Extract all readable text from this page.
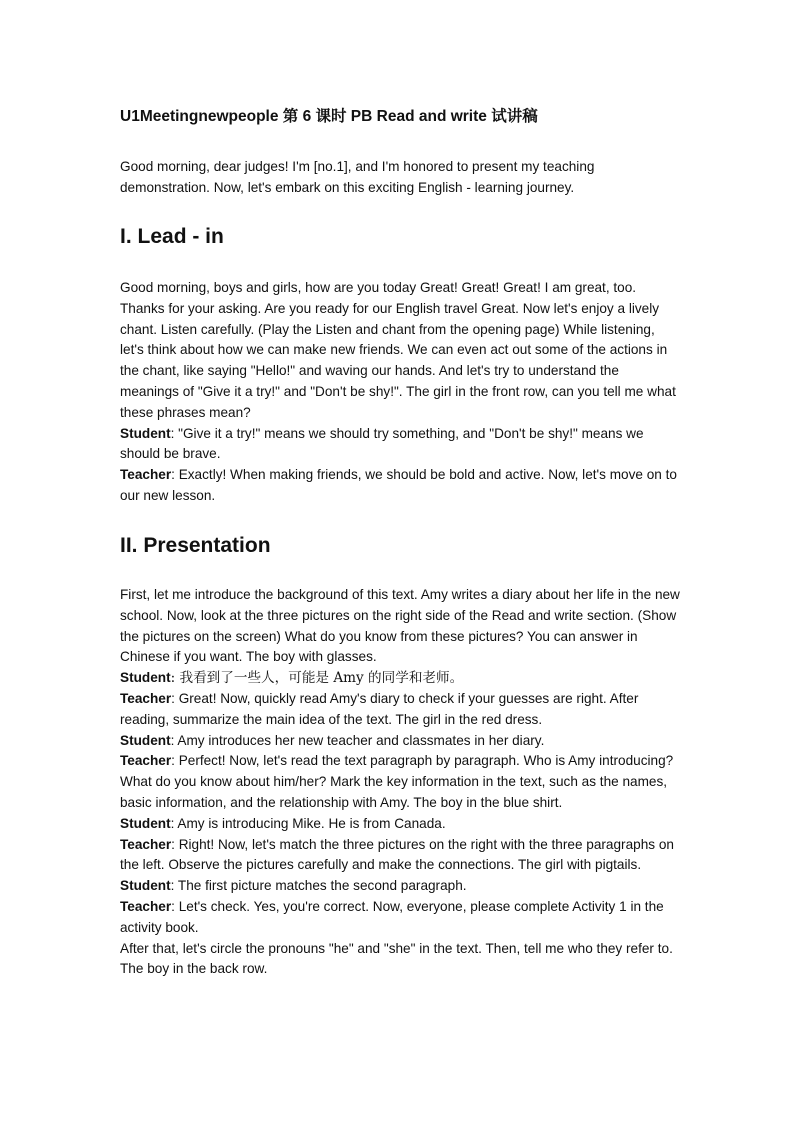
U1Meetingnewpeople 第 6 课时 PB Read and write 试讲稿

Good morning, dear judges! I'm [no.1], and I'm honored to present my teaching demonstration. Now, let's embark on this exciting English - learning journey.

I. Lead - in

Good morning, boys and girls, how are you today Great! Great! Great! I am great, too. Thanks for your asking. Are you ready for our English travel Great. Now let's enjoy a lively chant. Listen carefully. (Play the Listen and chant from the opening page) While listening, let's think about how we can make new friends. We can even act out some of the actions in the chant, like saying "Hello!" and waving our hands. And let's try to understand the meanings of "Give it a try!" and "Don't be shy!". The girl in the front row, can you tell me what these phrases mean?

Student: "Give it a try!" means we should try something, and "Don't be shy!" means we should be brave.

Teacher: Exactly! When making friends, we should be bold and active. Now, let's move on to our new lesson.

II. Presentation

First, let me introduce the background of this text. Amy writes a diary about her life in the new school. Now, look at the three pictures on the right side of the Read and write section. (Show the pictures on the screen) What do you know from these pictures? You can answer in Chinese if you want. The boy with glasses.

Student: 我看到了一些人，可能是 Amy 的同学和老师。

Teacher: Great! Now, quickly read Amy's diary to check if your guesses are right. After reading, summarize the main idea of the text. The girl in the red dress.

Student: Amy introduces her new teacher and classmates in her diary.

Teacher: Perfect! Now, let's read the text paragraph by paragraph. Who is Amy introducing? What do you know about him/her? Mark the key information in the text, such as the names, basic information, and the relationship with Amy. The boy in the blue shirt.

Student: Amy is introducing Mike. He is from Canada.

Teacher: Right! Now, let's match the three pictures on the right with the three paragraphs on the left. Observe the pictures carefully and make the connections. The girl with pigtails.

Student: The first picture matches the second paragraph.

Teacher: Let's check. Yes, you're correct. Now, everyone, please complete Activity 1 in the activity book.

After that, let's circle the pronouns "he" and "she" in the text. Then, tell me who they refer to. The boy in the back row.
